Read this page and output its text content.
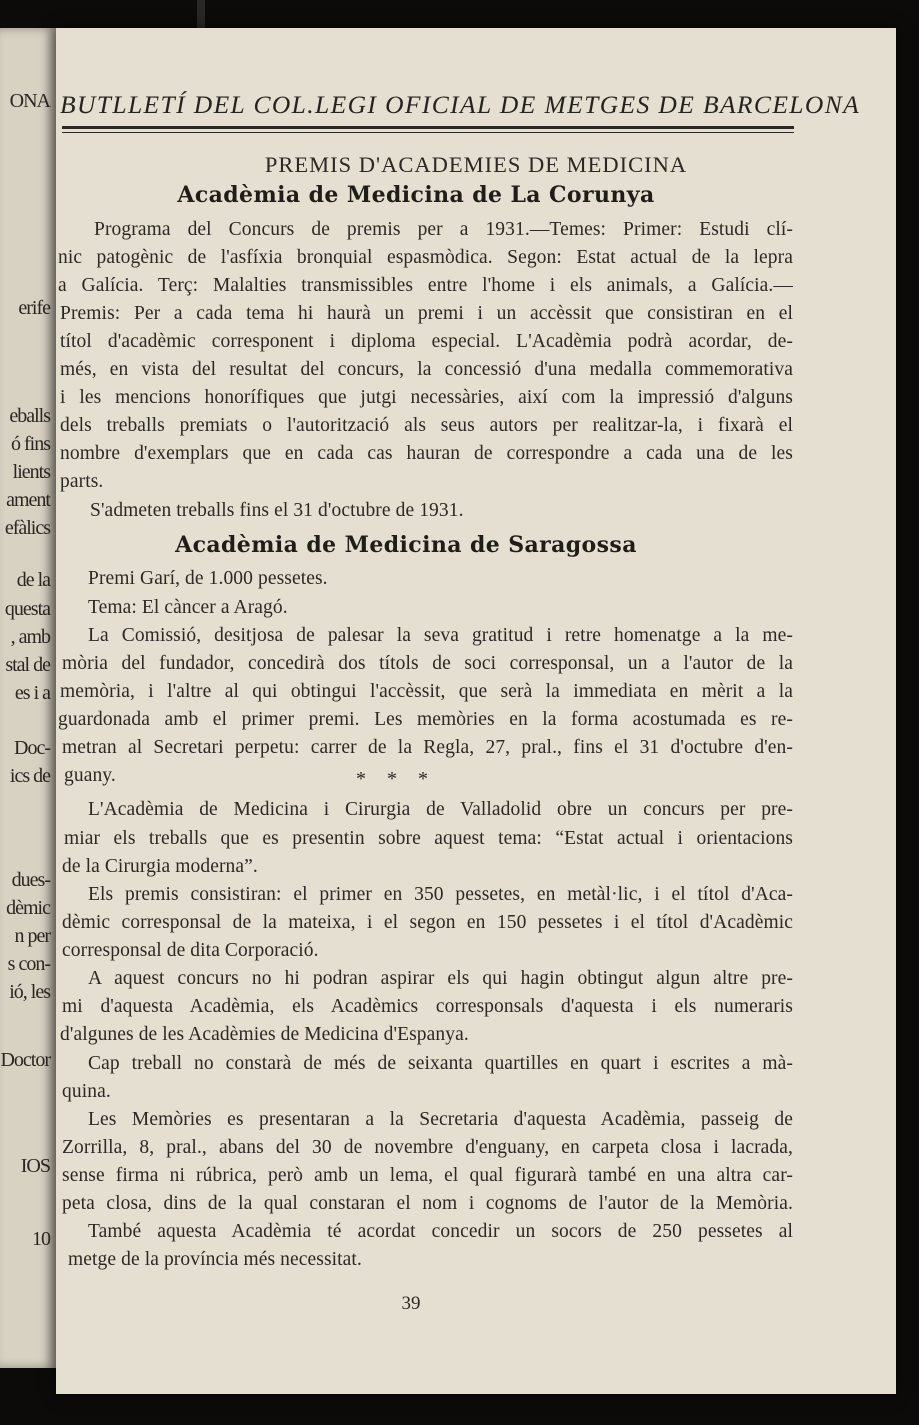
ONA
erife
eballs
ó fins
lients
ament
efàlics
de la
questa
, amb
stal de
es i a
Doc-
ics de
dues-
dèmic
n per
s con-
ió, les
Doctor
IOS
10
BUTLLETÍ DEL COL.LEGI OFICIAL DE METGES DE BARCELONA
PREMIS D'ACADEMIES DE MEDICINA
Acadèmia de Medicina de La Corunya
Programa del Concurs de premis per a 1931.—Temes: Primer: Estudi clí-
nic patogènic de l'asfíxia bronquial espasmòdica. Segon: Estat actual de la lepra
a Galícia. Terç: Malalties transmissibles entre l'home i els animals, a Galícia.—
Premis: Per a cada tema hi haurà un premi i un accèssit que consistiran en el
títol d'acadèmic corresponent i diploma especial. L'Acadèmia podrà acordar, de-
més, en vista del resultat del concurs, la concessió d'una medalla commemorativa
i les mencions honorífiques que jutgi necessàries, així com la impressió d'alguns
dels treballs premiats o l'autorització als seus autors per realitzar-la, i fixarà el
nombre d'exemplars que en cada cas hauran de correspondre a cada una de les
parts.
S'admeten treballs fins el 31 d'octubre de 1931.
Acadèmia de Medicina de Saragossa
Premi Garí, de 1.000 pessetes.
Tema: El càncer a Aragó.
La Comissió, desitjosa de palesar la seva gratitud i retre homenatge a la me-
mòria del fundador, concedirà dos títols de soci corresponsal, un a l'autor de la
memòria, i l'altre al qui obtingui l'accèssit, que serà la immediata en mèrit a la
guardonada amb el primer premi. Les memòries en la forma acostumada es re-
metran al Secretari perpetu: carrer de la Regla, 27, pral., fins el 31 d'octubre d'en-
guany.	* * *
L'Acadèmia de Medicina i Cirurgia de Valladolid obre un concurs per pre-
miar els treballs que es presentin sobre aquest tema: “Estat actual i orientacions
de la Cirurgia moderna”.
Els premis consistiran: el primer en 350 pessetes, en metàl·lic, i el títol d'Aca-
dèmic corresponsal de la mateixa, i el segon en 150 pessetes i el títol d'Acadèmic
corresponsal de dita Corporació.
A aquest concurs no hi podran aspirar els qui hagin obtingut algun altre pre-
mi d'aquesta Acadèmia, els Acadèmics corresponsals d'aquesta i els numeraris
d'algunes de les Acadèmies de Medicina d'Espanya.
Cap treball no constarà de més de seixanta quartilles en quart i escrites a mà-
quina.
Les Memòries es presentaran a la Secretaria d'aquesta Acadèmia, passeig de
Zorrilla, 8, pral., abans del 30 de novembre d'enguany, en carpeta closa i lacrada,
sense firma ni rúbrica, però amb un lema, el qual figurarà també en una altra car-
peta closa, dins de la qual constaran el nom i cognoms de l'autor de la Memòria.
També aquesta Acadèmia té acordat concedir un socors de 250 pessetes al
metge de la província més necessitat.
39
